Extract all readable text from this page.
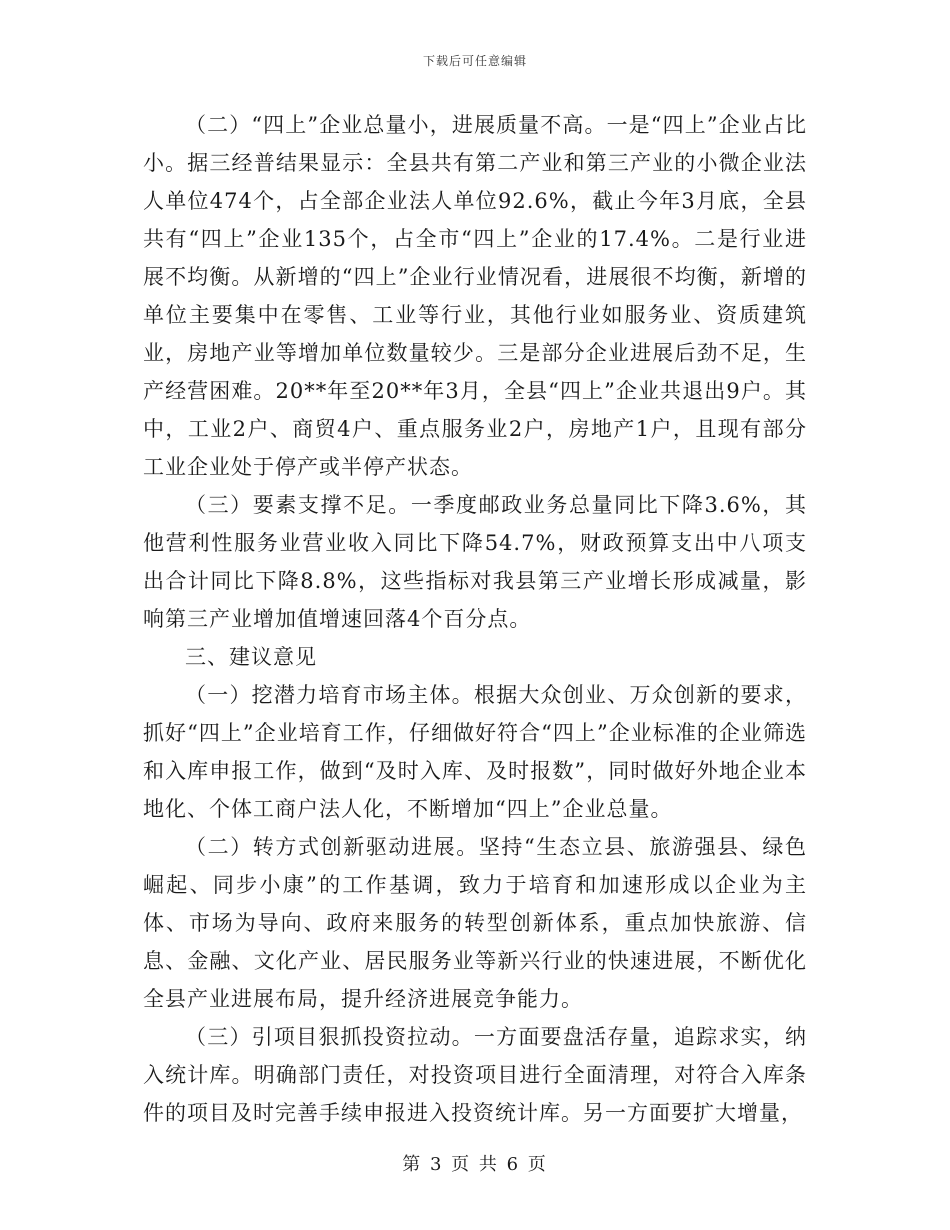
下载后可任意编辑

（二）“四上”企业总量小，进展质量不高。一是“四上”企业占比小。据三经普结果显示：全县共有第二产业和第三产业的小微企业法人单位474个，占全部企业法人单位92.6%，截止今年3月底，全县共有“四上”企业135个，占全市“四上”企业的17.4%。二是行业进展不均衡。从新增的“四上”企业行业情况看，进展很不均衡，新增的单位主要集中在零售、工业等行业，其他行业如服务业、资质建筑业，房地产业等增加单位数量较少。三是部分企业进展后劲不足，生产经营困难。20**年至20**年3月，全县“四上”企业共退出9户。其中，工业2户、商贸4户、重点服务业2户，房地产1户，且现有部分工业企业处于停产或半停产状态。

（三）要素支撑不足。一季度邮政业务总量同比下降3.6%，其他营利性服务业营业收入同比下降54.7%，财政预算支出中八项支出合计同比下降8.8%，这些指标对我县第三产业增长形成减量，影响第三产业增加值增速回落4个百分点。

三、建议意见

（一）挖潜力培育市场主体。根据大众创业、万众创新的要求，抓好“四上”企业培育工作，仔细做好符合“四上”企业标准的企业筛选和入库申报工作，做到“及时入库、及时报数”，同时做好外地企业本地化、个体工商户法人化，不断增加“四上”企业总量。

（二）转方式创新驱动进展。坚持“生态立县、旅游强县、绿色崛起、同步小康”的工作基调，致力于培育和加速形成以企业为主体、市场为导向、政府来服务的转型创新体系，重点加快旅游、信息、金融、文化产业、居民服务业等新兴行业的快速进展，不断优化全县产业进展布局，提升经济进展竞争能力。

（三）引项目狠抓投资拉动。一方面要盘活存量，追踪求实，纳入统计库。明确部门责任，对投资项目进行全面清理，对符合入库条件的项目及时完善手续申报进入投资统计库。另一方面要扩大增量，

第 3 页 共 6 页
